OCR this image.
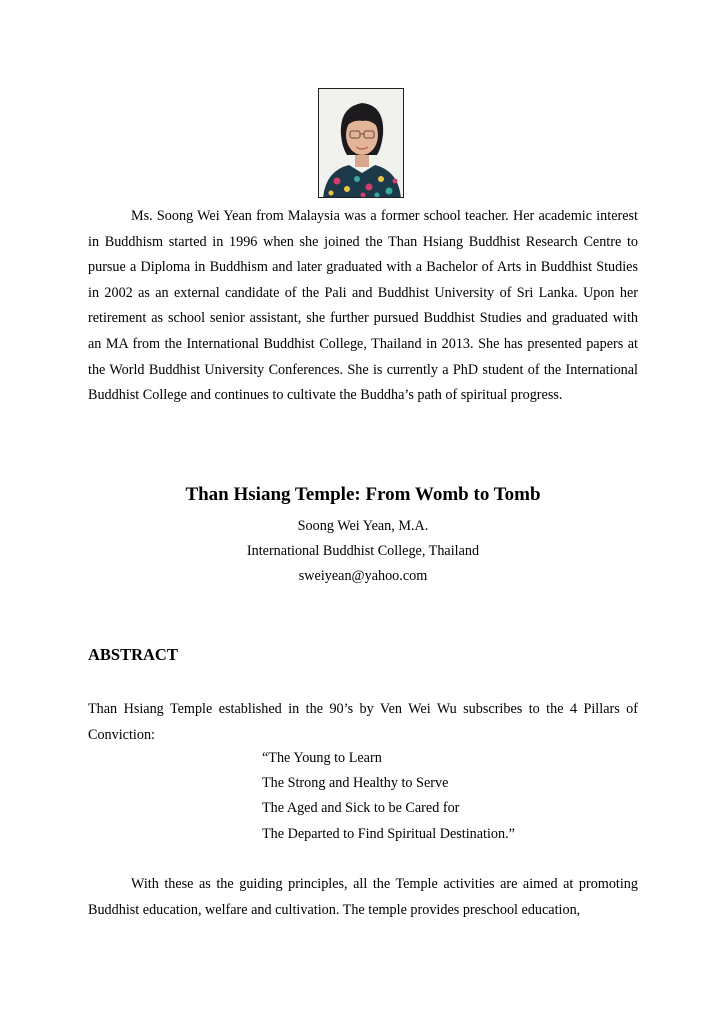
Ms. Soong Wei Yean from Malaysia was a former school teacher. Her academic interest in Buddhism started in 1996 when she joined the Than Hsiang Buddhist Research Centre to pursue a Diploma in Buddhism and later graduated with a Bachelor of Arts in Buddhist Studies in 2002 as an external candidate of the Pali and Buddhist University of Sri Lanka. Upon her retirement as school senior assistant, she further pursued Buddhist Studies and graduated with an MA from the International Buddhist College, Thailand in 2013. She has presented papers at the World Buddhist University Conferences. She is currently a PhD student of the International Buddhist College and continues to cultivate the Buddha’s path of spiritual progress.

Than Hsiang Temple: From Womb to Tomb
Soong Wei Yean, M.A.
International Buddhist College, Thailand
sweiyean@yahoo.com
ABSTRACT

Than Hsiang Temple established in the 90’s by Ven Wei Wu subscribes to the 4 Pillars of Conviction:

“The Young to Learn
The Strong and Healthy to Serve
The Aged and Sick to be Cared for
The Departed to Find Spiritual Destination.”

With these as the guiding principles, all the Temple activities are aimed at promoting Buddhist education, welfare and cultivation. The temple provides preschool education,
